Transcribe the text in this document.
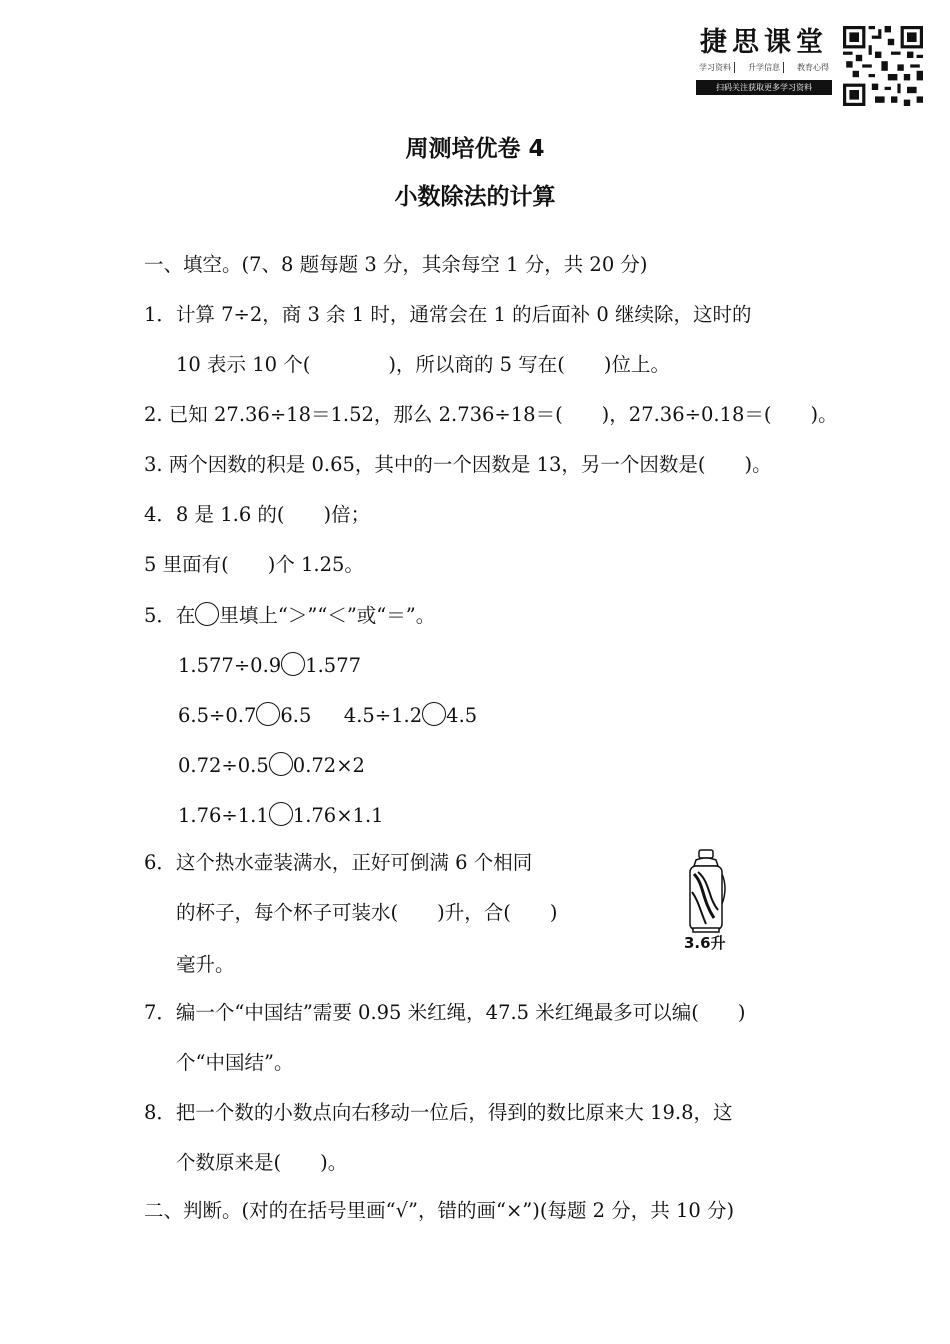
捷思课堂
学习资料	升学信息	教育心得
扫码关注获取更多学习资料
周测培优卷 4
小数除法的计算
一、填空。(7、8 题每题 3 分，其余每空 1 分，共 20 分)
1．计算 7÷2，商 3 余 1 时，通常会在 1 的后面补 0 继续除，这时的
10 表示 10 个(　　　　)，所以商的 5 写在(　　)位上。
2. 已知 27.36÷18＝1.52，那么 2.736÷18＝(　　)，27.36÷0.18＝(　　)。
3. 两个因数的积是 0.65，其中的一个因数是 13，另一个因数是(　　)。
4．8 是 1.6 的(　　)倍；
5 里面有(　　)个 1.25。
5．在 里填上“＞”“＜”或“＝”。
1.577÷0.9 1.577
6.5÷0.7 6.5 4.5÷1.2 4.5
0.72÷0.5 0.72×2
1.76÷1.1 1.76×1.1
6．这个热水壶装满水，正好可倒满 6 个相同
的杯子，每个杯子可装水(　　)升，合(　　)
毫升。
3.6升
7．编一个“中国结”需要 0.95 米红绳，47.5 米红绳最多可以编(　　)
个“中国结”。
8．把一个数的小数点向右移动一位后，得到的数比原来大 19.8，这
个数原来是(　　)。
二、判断。(对的在括号里画“√”，错的画“×”)(每题 2 分，共 10 分)
